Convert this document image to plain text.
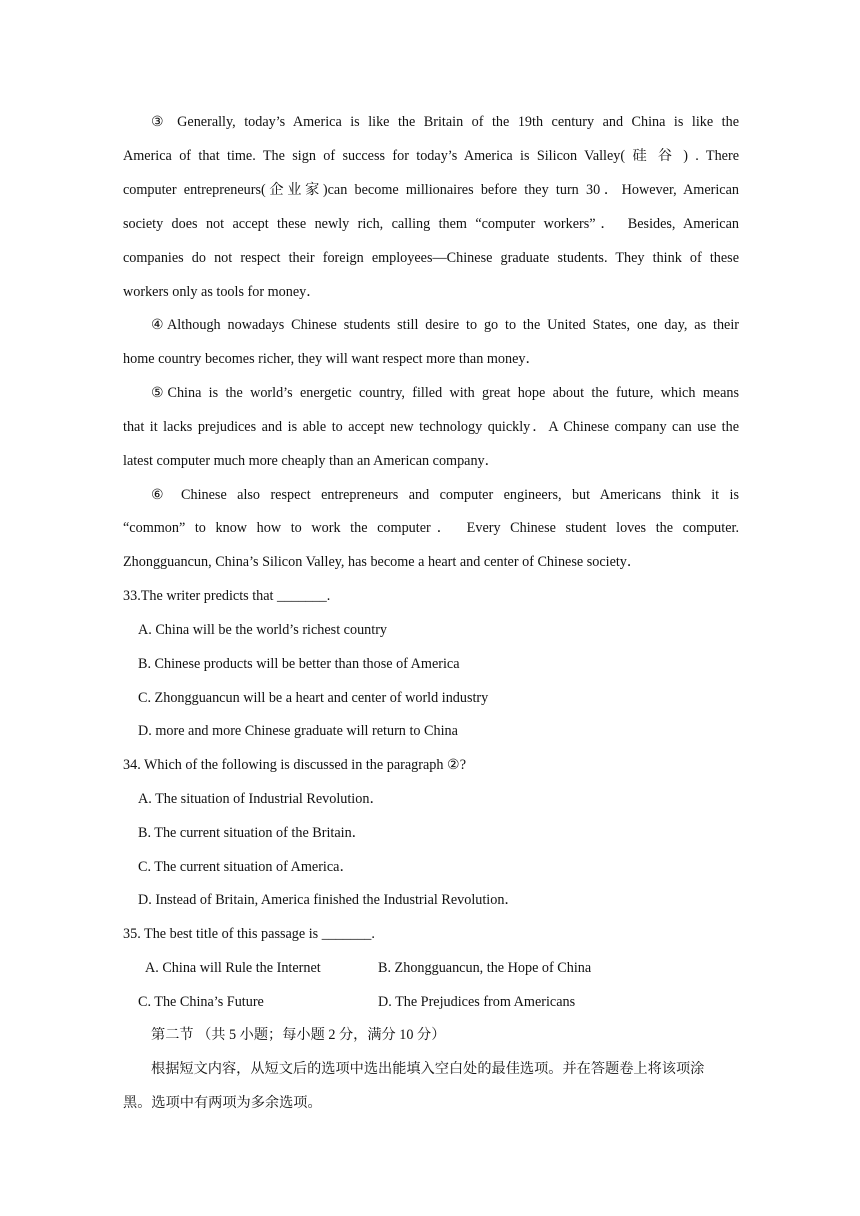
③ Generally, today’s America is like the Britain of the 19th century and China is like the
America of that time. The sign of success for today’s America is Silicon Valley( 硅 谷 ) . There
computer entrepreneurs(企业家)can become millionaires before they turn 30．However, American
society does not accept these newly rich, calling them “computer workers”． Besides, American
companies do not respect their foreign employees—Chinese graduate students. They think of these
workers only as tools for money．
④Although nowadays Chinese students still desire to go to the United States, one day, as their
home country becomes richer, they will want respect more than money．
⑤China is the world’s energetic country, filled with great hope about the future, which means
that it lacks prejudices and is able to accept new technology quickly．A Chinese company can use the
latest computer much more cheaply than an American company．
⑥ Chinese also respect entrepreneurs and computer engineers, but Americans think it is
“common” to know how to work the computer． Every Chinese student loves the computer.
Zhongguancun, China’s Silicon Valley, has become a heart and center of Chinese society．
33.The writer predicts that _______.
A. China will be the world’s richest country
B. Chinese products will be better than those of America
C. Zhongguancun will be a heart and center of world industry
D. more and more Chinese graduate will return to China
34. Which of the following is discussed in the paragraph ②?
A. The situation of Industrial Revolution．
B. The current situation of the Britain．
C. The current situation of America．
D. Instead of Britain, America finished the Industrial Revolution．
35. The best title of this passage is _______.
A. China will Rule the Internet	B. Zhongguancun, the Hope of China
C. The China’s Future	D. The Prejudices from Americans
第二节 （共 5 小题；每小题 2 分，满分 10 分）
根据短文内容，从短文后的选项中选出能填入空白处的最佳选项。并在答题卷上将该项涂
黑。选项中有两项为多余选项。
